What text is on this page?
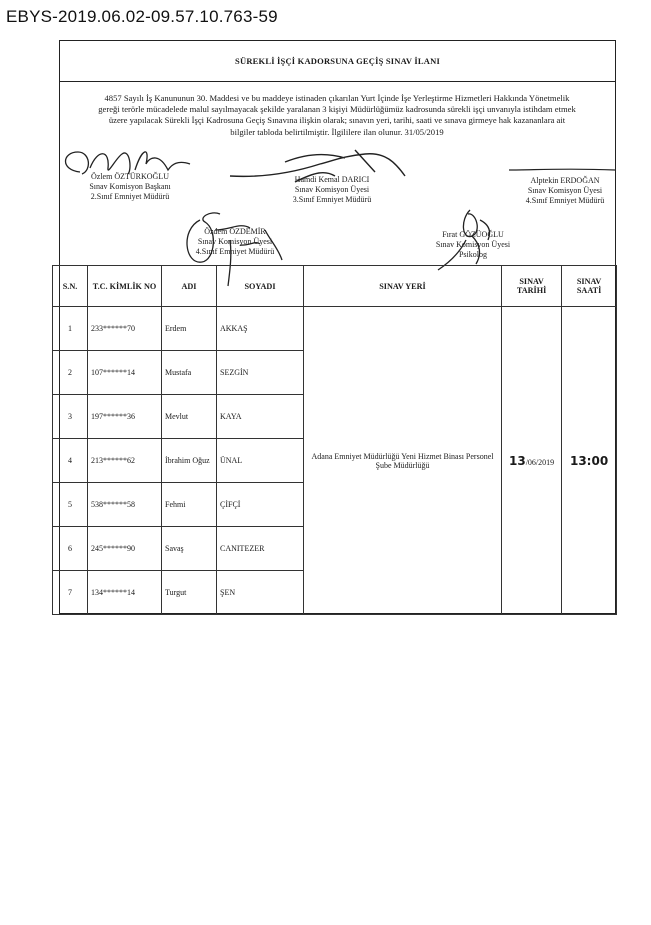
EBYS-2019.06.02-09.57.10.763-59
SÜREKLİ İŞÇİ KADORSUNA GEÇİŞ SINAV İLANI
4857 Sayılı İş Kanununun 30. Maddesi ve bu maddeye istinaden çıkarılan Yurt İçinde İşe Yerleştirme Hizmetleri Hakkında Yönetmelik
gereği terörle mücadelede malul sayılmayacak şekilde yaralanan 3 kişiyi Müdürlüğümüz kadrosunda sürekli işçi unvanıyla istihdam etmek
üzere yapılacak Sürekli İşçi Kadrosuna Geçiş Sınavına ilişkin olarak; sınavın yeri, tarihi, saati ve sınava girmeye hak kazananlara ait
bilgiler tabloda belirtilmiştir. İlgililere ilan olunur. 31/05/2019
Özlem ÖZTÜRKOĞLU
Sınav Komisyon Başkanı
2.Sınıf Emniyet Müdürü
Hamdi Kemal DARICI
Sınav Komisyon Üyesi
3.Sınıf Emniyet Müdürü
Alptekin ERDOĞAN
Sınav Komisyon Üyesi
4.Sınıf Emniyet Müdürü
Özdem ÖZDEMİR
Sınav Komisyon Üyesi
4.Sınıf Emniyet Müdürü
Fırat GÖZÜOĞLU
Sınav Komisyon Üyesi
Psikolog
S.N.	T.C. KİMLİK NO	ADI	SOYADI	SINAV YERİ	SINAV TARİHİ	SINAV SAATİ
1	233******70	Erdem	AKKAŞ	Adana Emniyet Müdürlüğü Yeni Hizmet Binası Personel Şube Müdürlüğü	13/06/2019	13:00
2	107******14	Mustafa	SEZGİN			
3	197******36	Mevlut	KAYA			
4	213******62	İbrahim Oğuz	ÜNAL			
5	538******58	Fehmi	ÇİFÇİ			
6	245******90	Savaş	CANITEZER			
7	134******14	Turgut	ŞEN			
